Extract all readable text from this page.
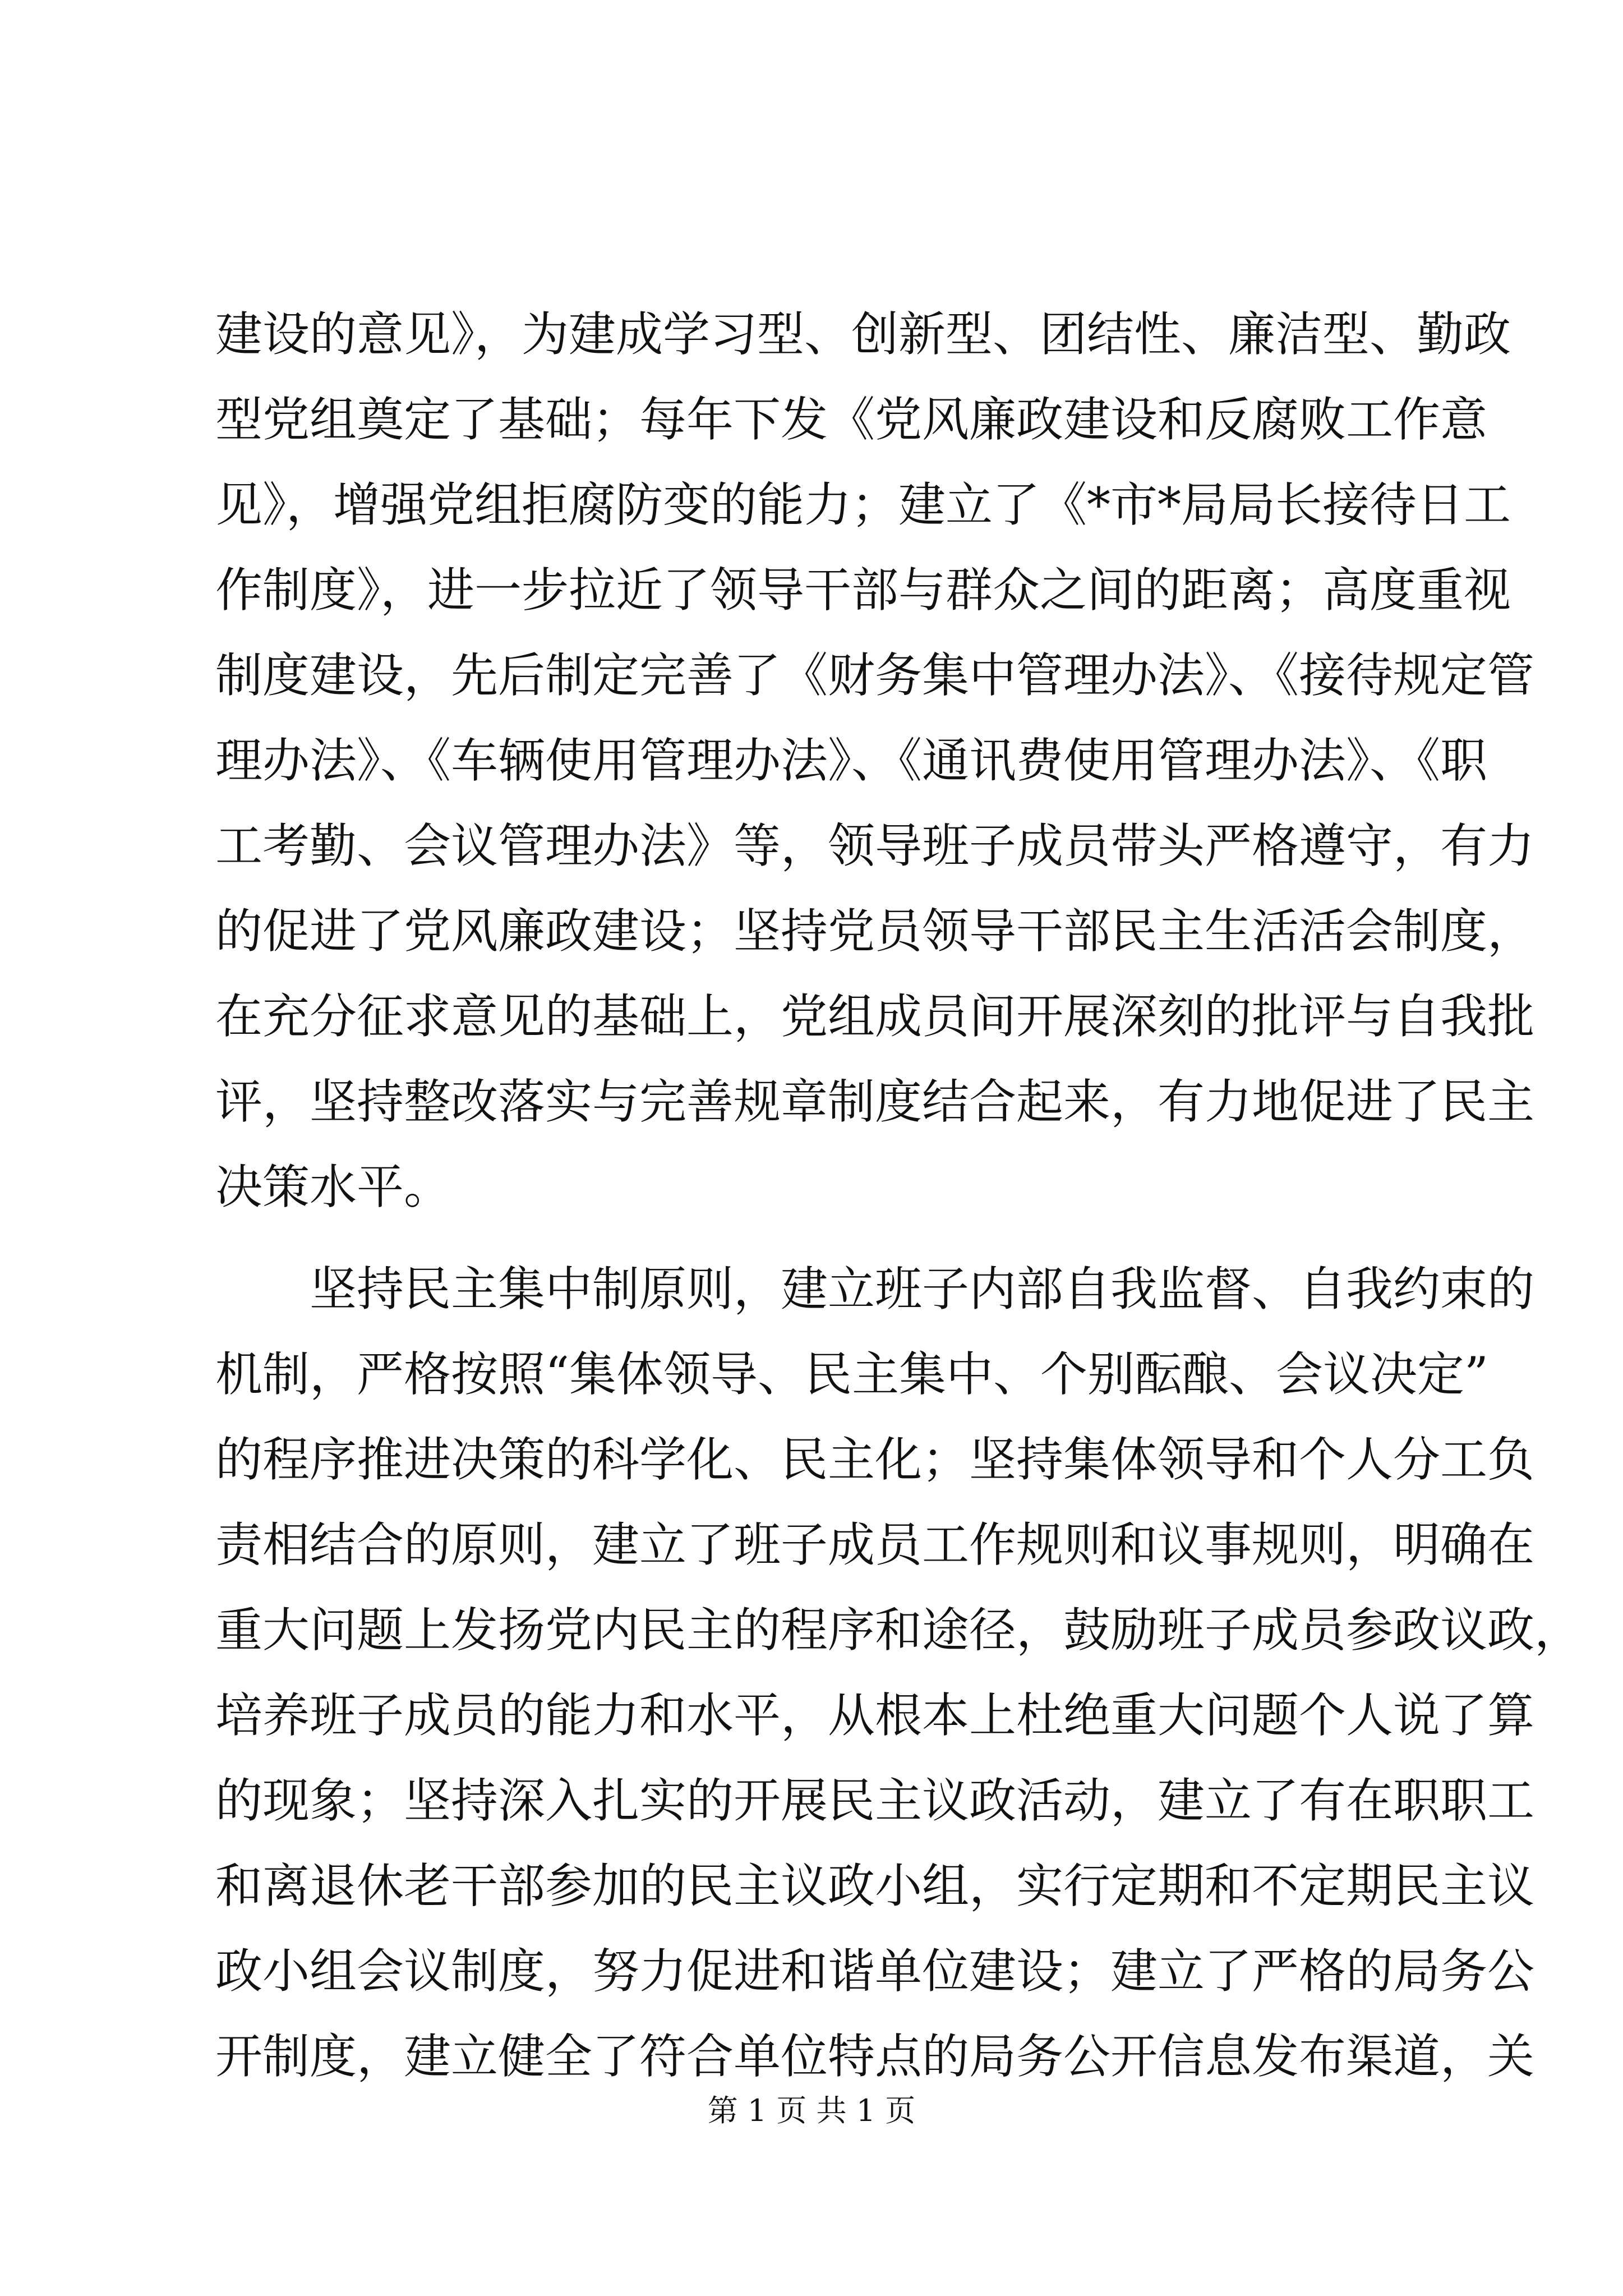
建设的意见》，为建成学习型、创新型、团结性、廉洁型、勤政
型党组奠定了基础；每年下发《党风廉政建设和反腐败工作意
见》，增强党组拒腐防变的能力；建立了《*市*局局长接待日工
作制度》，进一步拉近了领导干部与群众之间的距离；高度重视
制度建设，先后制定完善了《财务集中管理办法》、《接待规定管
理办法》、《车辆使用管理办法》、《通讯费使用管理办法》、《职
工考勤、会议管理办法》等，领导班子成员带头严格遵守，有力
的促进了党风廉政建设；坚持党员领导干部民主生活活会制度，
在充分征求意见的基础上，党组成员间开展深刻的批评与自我批
评，坚持整改落实与完善规章制度结合起来，有力地促进了民主
决策水平。
坚持民主集中制原则，建立班子内部自我监督、自我约束的
机制，严格按照“集体领导、民主集中、个别酝酿、会议决定”
的程序推进决策的科学化、民主化；坚持集体领导和个人分工负
责相结合的原则，建立了班子成员工作规则和议事规则，明确在
重大问题上发扬党内民主的程序和途径，鼓励班子成员参政议政，
培养班子成员的能力和水平，从根本上杜绝重大问题个人说了算
的现象；坚持深入扎实的开展民主议政活动，建立了有在职职工
和离退休老干部参加的民主议政小组，实行定期和不定期民主议
政小组会议制度，努力促进和谐单位建设；建立了严格的局务公
开制度，建立健全了符合单位特点的局务公开信息发布渠道，关
第 1 页 共 1 页
